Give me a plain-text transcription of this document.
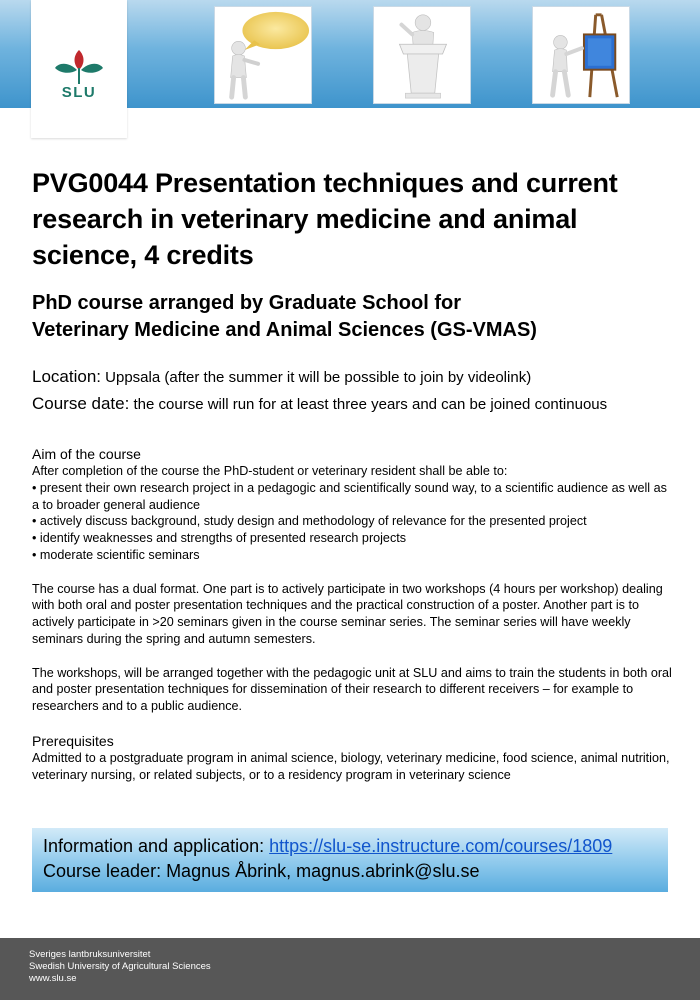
SLU
PVG0044 Presentation techniques and current research in veterinary medicine and animal science, 4 credits
PhD course arranged by Graduate School for
Veterinary Medicine and Animal Sciences (GS-VMAS)
Location: Uppsala (after the summer it will be possible to join by videolink)
Course date: the course will run for at least three years and can be joined continuous
Aim of the course

After completion of the course the PhD-student or veterinary resident shall be able to:

• present their own research project in a pedagogic and scientifically sound way, to a scientific audience as well as a to broader general audience

• actively discuss background, study design and methodology of relevance for the presented project

• identify weaknesses and strengths of presented research projects

• moderate scientific seminars

The course has a dual format. One part is to actively participate in two workshops (4 hours per workshop) dealing with both oral and poster presentation techniques and the practical construction of a poster. Another part is to actively participate in >20 seminars given in the course seminar series. The seminar series will have weekly seminars during the spring and autumn semesters.

The workshops, will be arranged together with the pedagogic unit at SLU and aims to train the students in both oral and poster presentation techniques for dissemination of their research to different receivers – for example to researchers and to a public audience.

Prerequisites

Admitted to a postgraduate program in animal science, biology, veterinary medicine, food science, animal nutrition, veterinary nursing, or related subjects, or to a residency program in veterinary science

Information and application: https://slu-se.instructure.com/courses/1809
Course leader: Magnus Åbrink, magnus.abrink@slu.se
Sveriges lantbruksuniversitet
Swedish University of Agricultural Sciences
www.slu.se
